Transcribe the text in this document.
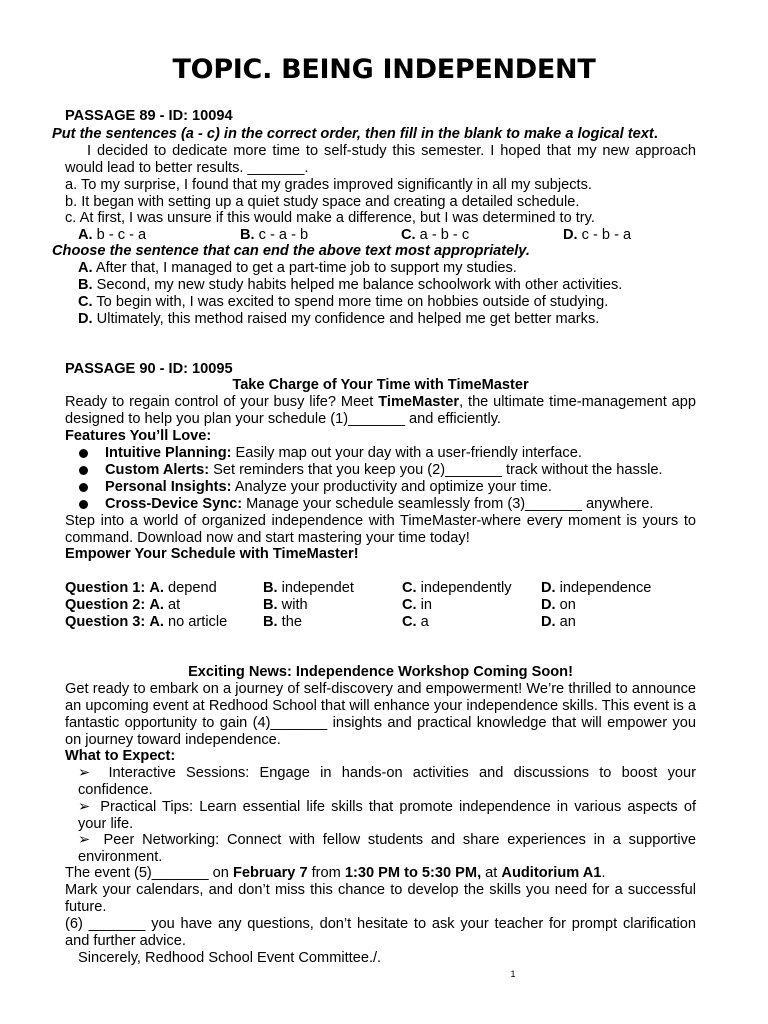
TOPIC. BEING INDEPENDENT
PASSAGE 89 - ID: 10094
Put the sentences (a - c) in the correct order, then fill in the blank to make a logical text.
I decided to dedicate more time to self-study this semester. I hoped that my new approach would lead to better results. _______.
a. To my surprise, I found that my grades improved significantly in all my subjects.
b. It began with setting up a quiet study space and creating a detailed schedule.
c. At first, I was unsure if this would make a difference, but I was determined to try.
A. b - c - a	B. c - a - b	C. a - b - c	D. c - b - a
Choose the sentence that can end the above text most appropriately.
A. After that, I managed to get a part-time job to support my studies.
B. Second, my new study habits helped me balance schoolwork with other activities.
C. To begin with, I was excited to spend more time on hobbies outside of studying.
D. Ultimately, this method raised my confidence and helped me get better marks.
PASSAGE 90 - ID: 10095
Take Charge of Your Time with TimeMaster
Ready to regain control of your busy life? Meet TimeMaster, the ultimate time-management app designed to help you plan your schedule (1)_______ and efficiently.
Features You’ll Love:
Intuitive Planning: Easily map out your day with a user-friendly interface.
Custom Alerts: Set reminders that you keep you (2)_______ track without the hassle.
Personal Insights: Analyze your productivity and optimize your time.
Cross-Device Sync: Manage your schedule seamlessly from (3)_______ anywhere.
Step into a world of organized independence with TimeMaster-where every moment is yours to command. Download now and start mastering your time today!
Empower Your Schedule with TimeMaster!
Question 1: A. depend	B. independet	C. independently	D. independence
Question 2: A. at	B. with	C. in	D. on
Question 3: A. no article	B. the	C. a	D. an
Exciting News: Independence Workshop Coming Soon!
Get ready to embark on a journey of self-discovery and empowerment! We’re thrilled to announce an upcoming event at Redhood School that will enhance your independence skills. This event is a fantastic opportunity to gain (4)_______ insights and practical knowledge that will empower you on journey toward independence.
What to Expect:
➢ Interactive Sessions: Engage in hands-on activities and discussions to boost your confidence.
➢ Practical Tips: Learn essential life skills that promote independence in various aspects of your life.
➢ Peer Networking: Connect with fellow students and share experiences in a supportive environment.
The event (5)_______ on February 7 from 1:30 PM to 5:30 PM, at Auditorium A1.
Mark your calendars, and don’t miss this chance to develop the skills you need for a successful future.
(6) _______ you have any questions, don’t hesitate to ask your teacher for prompt clarification and further advice.
Sincerely, Redhood School Event Committee./.
1
